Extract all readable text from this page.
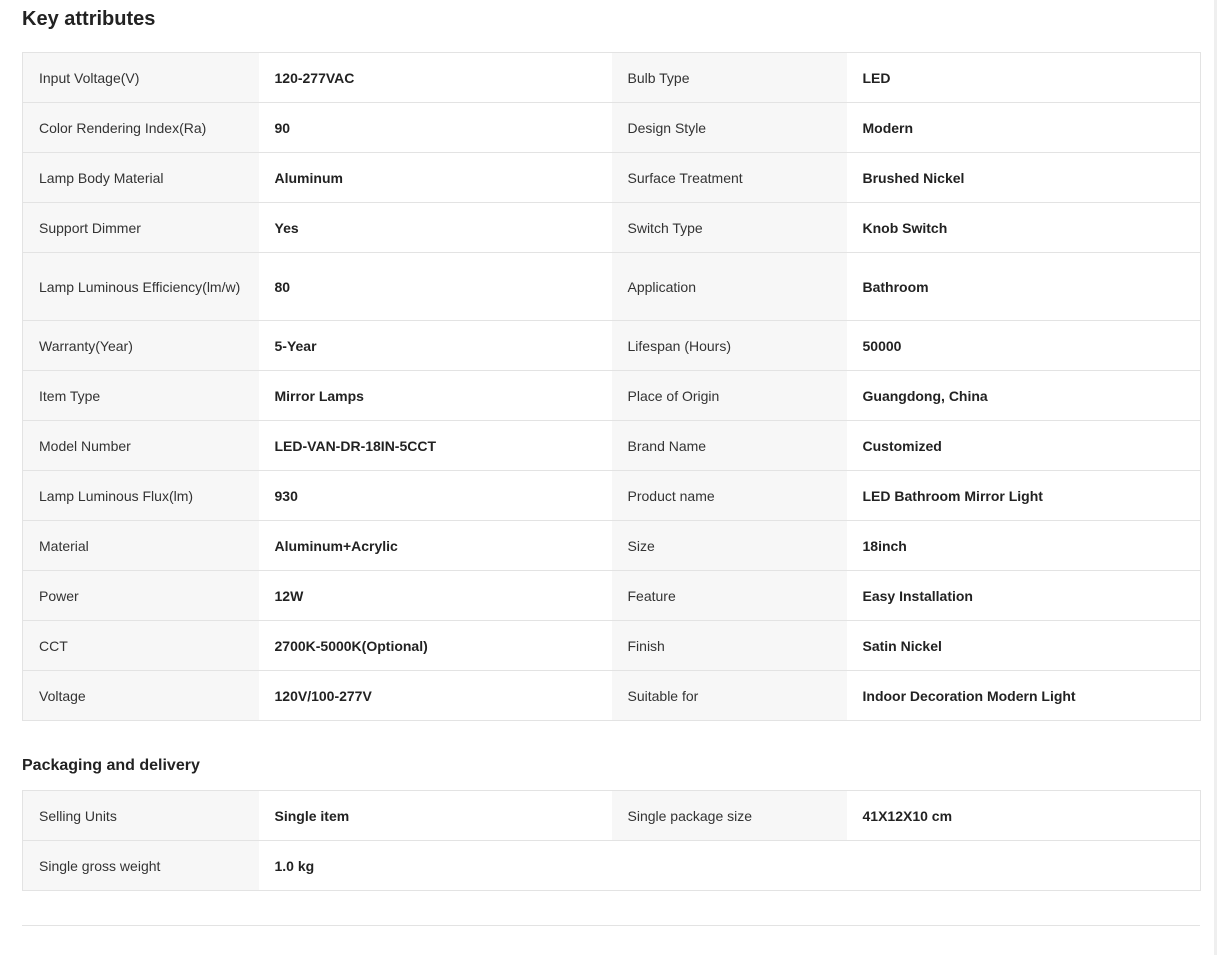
Key attributes
Input Voltage(V)	120-277VAC	Bulb Type	LED
Color Rendering Index(Ra)	90	Design Style	Modern
Lamp Body Material	Aluminum	Surface Treatment	Brushed Nickel
Support Dimmer	Yes	Switch Type	Knob Switch
Lamp Luminous Efficiency(lm/w)	80	Application	Bathroom
Warranty(Year)	5-Year	Lifespan (Hours)	50000
Item Type	Mirror Lamps	Place of Origin	Guangdong, China
Model Number	LED-VAN-DR-18IN-5CCT	Brand Name	Customized
Lamp Luminous Flux(lm)	930	Product name	LED Bathroom Mirror Light
Material	Aluminum+Acrylic	Size	18inch
Power	12W	Feature	Easy Installation
CCT	2700K-5000K(Optional)	Finish	Satin Nickel
Voltage	120V/100-277V	Suitable for	Indoor Decoration Modern Light
Packaging and delivery
Selling Units	Single item	Single package size	41X12X10 cm
Single gross weight	1.0 kg		
